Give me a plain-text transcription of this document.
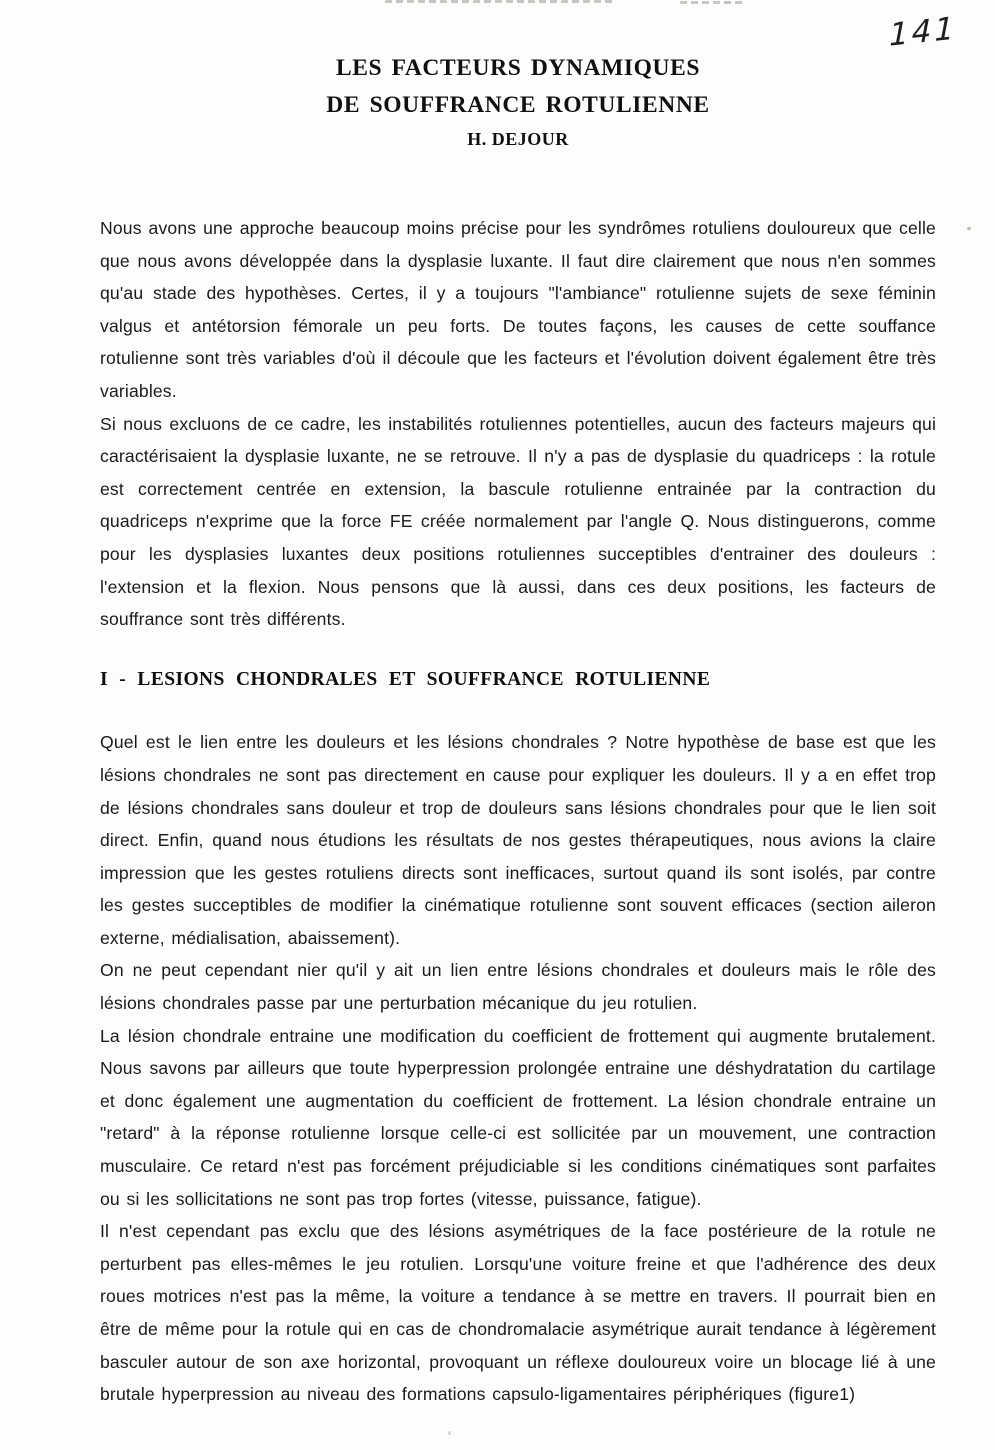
141
LES FACTEURS DYNAMIQUES
DE SOUFFRANCE ROTULIENNE
H. DEJOUR

Nous avons une approche beaucoup moins précise pour les syndrômes rotuliens douloureux que celle que nous avons développée dans la dysplasie luxante. Il faut dire clairement que nous n'en sommes qu'au stade des hypothèses. Certes, il y a toujours "l'ambiance" rotulienne sujets de sexe féminin valgus et antétorsion fémorale un peu forts. De toutes façons, les causes de cette souffance rotulienne sont très variables d'où il découle que les facteurs et l'évolution doivent également être très variables.

Si nous excluons de ce cadre, les instabilités rotuliennes potentielles, aucun des facteurs majeurs qui caractérisaient la dysplasie luxante, ne se retrouve. Il n'y a pas de dysplasie du quadriceps : la rotule est correctement centrée en extension, la bascule rotulienne entrainée par la contraction du quadriceps n'exprime que la force FE créée normalement par l'angle Q. Nous distinguerons, comme pour les dysplasies luxantes deux positions rotuliennes succeptibles d'entrainer des douleurs : l'extension et la flexion. Nous pensons que là aussi, dans ces deux positions, les facteurs de souffrance sont très différents.

I - LESIONS CHONDRALES ET SOUFFRANCE ROTULIENNE

Quel est le lien entre les douleurs et les lésions chondrales ? Notre hypothèse de base est que les lésions chondrales ne sont pas directement en cause pour expliquer les douleurs. Il y a en effet trop de lésions chondrales sans douleur et trop de douleurs sans lésions chondrales pour que le lien soit direct. Enfin, quand nous étudions les résultats de nos gestes thérapeutiques, nous avions la claire impression que les gestes rotuliens directs sont inefficaces, surtout quand ils sont isolés, par contre les gestes succeptibles de modifier la cinématique rotulienne sont souvent efficaces (section aileron externe, médialisation, abaissement).

On ne peut cependant nier qu'il y ait un lien entre lésions chondrales et douleurs mais le rôle des lésions chondrales passe par une perturbation mécanique du jeu rotulien.

La lésion chondrale entraine une modification du coefficient de frottement qui augmente brutalement. Nous savons par ailleurs que toute hyperpression prolongée entraine une déshydratation du cartilage et donc également une augmentation du coefficient de frottement. La lésion chondrale entraine un "retard" à la réponse rotulienne lorsque celle-ci est sollicitée par un mouvement, une contraction musculaire. Ce retard n'est pas forcément préjudiciable si les conditions cinématiques sont parfaites ou si les sollicitations ne sont pas trop fortes (vitesse, puissance, fatigue).

Il n'est cependant pas exclu que des lésions asymétriques de la face postérieure de la rotule ne perturbent pas elles-mêmes le jeu rotulien. Lorsqu'une voiture freine et que l'adhérence des deux roues motrices n'est pas la même, la voiture a tendance à se mettre en travers. Il pourrait bien en être de même pour la rotule qui en cas de chondromalacie asymétrique aurait tendance à légèrement basculer autour de son axe horizontal, provoquant un réflexe douloureux voire un blocage lié à une brutale hyperpression au niveau des formations capsulo-ligamentaires périphériques (figure1)
